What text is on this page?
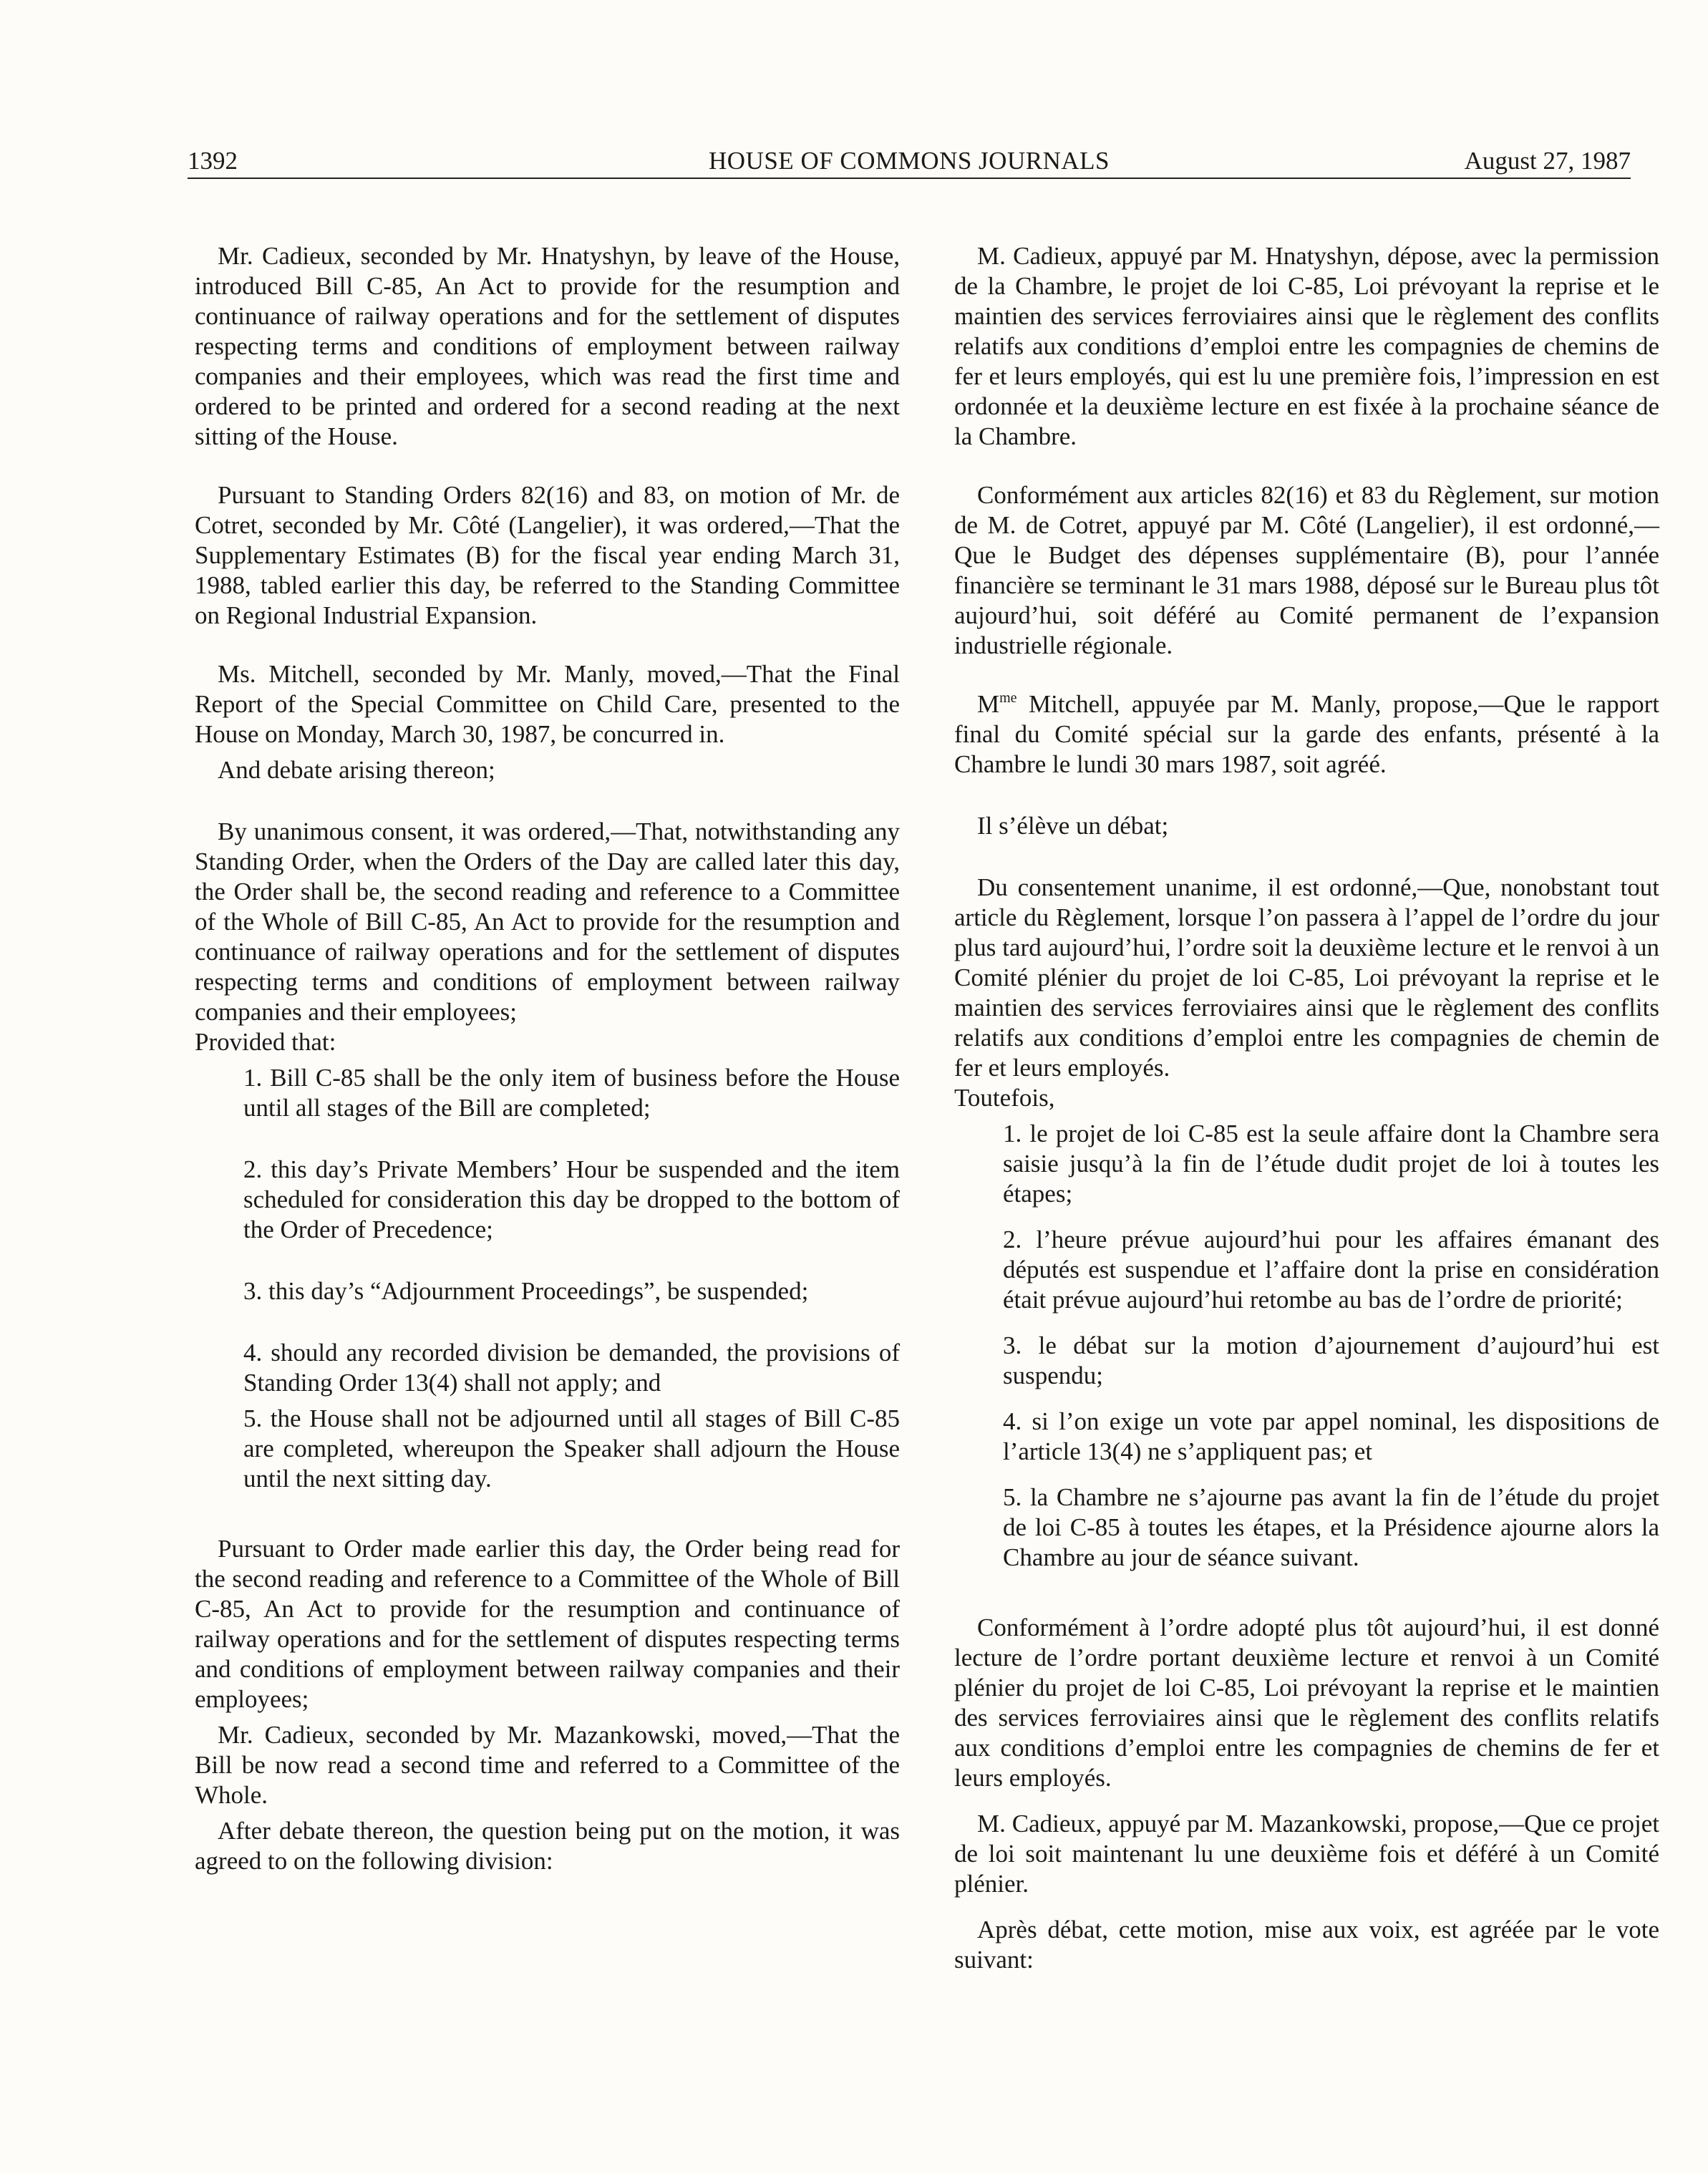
HOUSE OF COMMONS JOURNALS
1392	August 27, 1987

Mr. Cadieux, seconded by Mr. Hnatyshyn, by leave of the House, introduced Bill C-85, An Act to provide for the resumption and continuance of railway operations and for the settlement of disputes respecting terms and conditions of employment between railway companies and their employees, which was read the first time and ordered to be printed and ordered for a second reading at the next sitting of the House.

Pursuant to Standing Orders 82(16) and 83, on motion of Mr. de Cotret, seconded by Mr. Côté (Langelier), it was ordered,—That the Supplementary Estimates (B) for the fiscal year ending March 31, 1988, tabled earlier this day, be referred to the Standing Committee on Regional Industrial Expansion.

Ms. Mitchell, seconded by Mr. Manly, moved,—That the Final Report of the Special Committee on Child Care, presented to the House on Monday, March 30, 1987, be concurred in.

And debate arising thereon;

By unanimous consent, it was ordered,—That, notwithstanding any Standing Order, when the Orders of the Day are called later this day, the Order shall be, the second reading and reference to a Committee of the Whole of Bill C-85, An Act to provide for the resumption and continuance of railway operations and for the settlement of disputes respecting terms and conditions of employment between railway companies and their employees;

Provided that:

1. Bill C-85 shall be the only item of business before the House until all stages of the Bill are completed;

2. this day’s Private Members’ Hour be suspended and the item scheduled for consideration this day be dropped to the bottom of the Order of Precedence;

3. this day’s “Adjournment Proceedings”, be suspended;

4. should any recorded division be demanded, the provisions of Standing Order 13(4) shall not apply; and

5. the House shall not be adjourned until all stages of Bill C-85 are completed, whereupon the Speaker shall adjourn the House until the next sitting day.

Pursuant to Order made earlier this day, the Order being read for the second reading and reference to a Committee of the Whole of Bill C-85, An Act to provide for the resumption and continuance of railway operations and for the settlement of disputes respecting terms and conditions of employment between railway companies and their employees;

Mr. Cadieux, seconded by Mr. Mazankowski, moved,—That the Bill be now read a second time and referred to a Committee of the Whole.

After debate thereon, the question being put on the motion, it was agreed to on the following division:

M. Cadieux, appuyé par M. Hnatyshyn, dépose, avec la permission de la Chambre, le projet de loi C-85, Loi prévoyant la reprise et le maintien des services ferroviaires ainsi que le règlement des conflits relatifs aux conditions d’emploi entre les compagnies de chemins de fer et leurs employés, qui est lu une première fois, l’impression en est ordonnée et la deuxième lecture en est fixée à la prochaine séance de la Chambre.

Conformément aux articles 82(16) et 83 du Règlement, sur motion de M. de Cotret, appuyé par M. Côté (Langelier), il est ordonné,—Que le Budget des dépenses supplémentaire (B), pour l’année financière se terminant le 31 mars 1988, déposé sur le Bureau plus tôt aujourd’hui, soit déféré au Comité permanent de l’expansion industrielle régionale.

$M^{me}$ Mitchell, appuyée par M. Manly, propose,—Que le rapport final du Comité spécial sur la garde des enfants, présenté à la Chambre le lundi 30 mars 1987, soit agréé.

Il s’élève un débat;

Du consentement unanime, il est ordonné,—Que, nonobstant tout article du Règlement, lorsque l’on passera à l’appel de l’ordre du jour plus tard aujourd’hui, l’ordre soit la deuxième lecture et le renvoi à un Comité plénier du projet de loi C-85, Loi prévoyant la reprise et le maintien des services ferroviaires ainsi que le règlement des conflits relatifs aux conditions d’emploi entre les compagnies de chemin de fer et leurs employés.

Toutefois,

1. le projet de loi C-85 est la seule affaire dont la Chambre sera saisie jusqu’à la fin de l’étude dudit projet de loi à toutes les étapes;

2. l’heure prévue aujourd’hui pour les affaires émanant des députés est suspendue et l’affaire dont la prise en considération était prévue aujourd’hui retombe au bas de l’ordre de priorité;

3. le débat sur la motion d’ajournement d’aujourd’hui est suspendu;

4. si l’on exige un vote par appel nominal, les dispositions de l’article 13(4) ne s’appliquent pas; et

5. la Chambre ne s’ajourne pas avant la fin de l’étude du projet de loi C-85 à toutes les étapes, et la Présidence ajourne alors la Chambre au jour de séance suivant.

Conformément à l’ordre adopté plus tôt aujourd’hui, il est donné lecture de l’ordre portant deuxième lecture et renvoi à un Comité plénier du projet de loi C-85, Loi prévoyant la reprise et le maintien des services ferroviaires ainsi que le règlement des conflits relatifs aux conditions d’emploi entre les compagnies de chemins de fer et leurs employés.

M. Cadieux, appuyé par M. Mazankowski, propose,—Que ce projet de loi soit maintenant lu une deuxième fois et déféré à un Comité plénier.

Après débat, cette motion, mise aux voix, est agréée par le vote suivant:
